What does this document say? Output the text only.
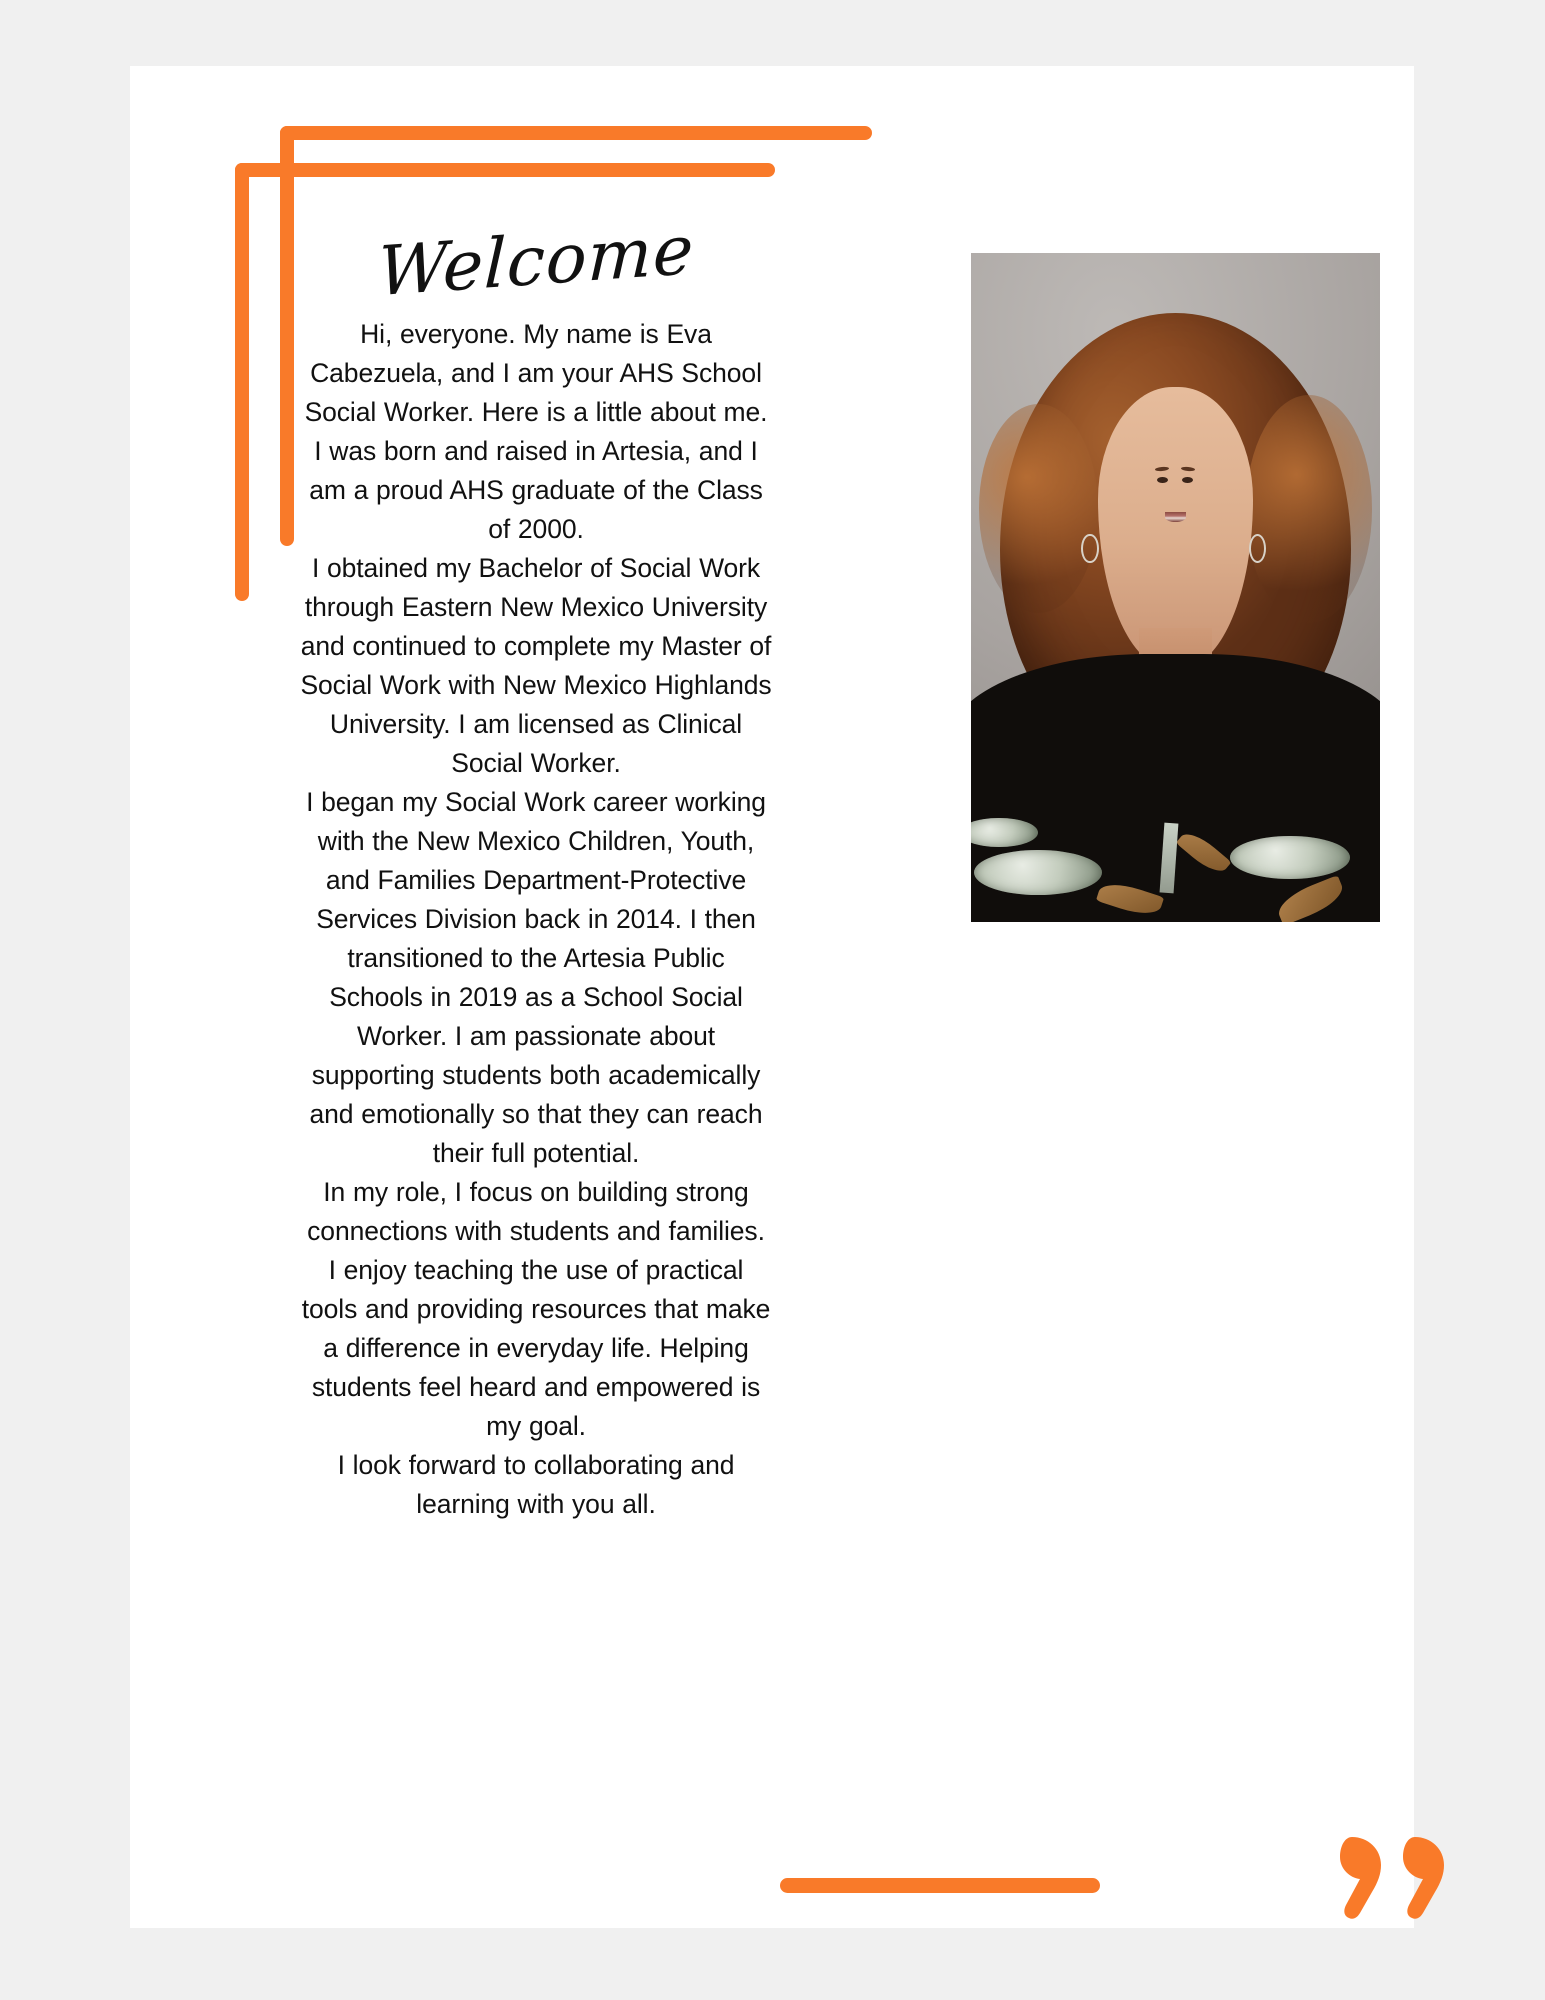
Welcome

Hi, everyone. My name is Eva Cabezuela, and I am your AHS School Social Worker. Here is a little about me. I was born and raised in Artesia, and I am a proud AHS graduate of the Class of 2000.

I obtained my Bachelor of Social Work through Eastern New Mexico University and continued to complete my Master of Social Work with New Mexico Highlands University. I am licensed as Clinical Social Worker.

I began my Social Work career working with the New Mexico Children, Youth, and Families Department-Protective Services Division back in 2014. I then transitioned to the Artesia Public Schools in 2019 as a School Social Worker. I am passionate about supporting students both academically and emotionally so that they can reach their full potential.

In my role, I focus on building strong connections with students and families.

I enjoy teaching the use of practical tools and providing resources that make a difference in everyday life. Helping students feel heard and empowered is my goal.

I look forward to collaborating and learning with you all.
